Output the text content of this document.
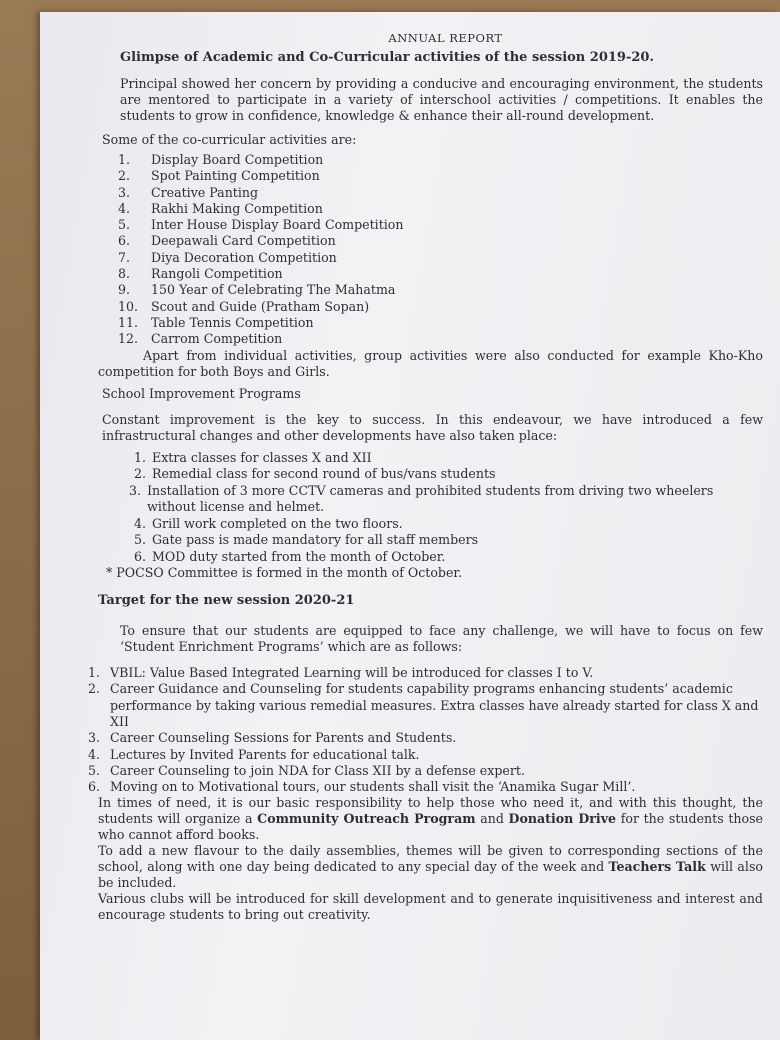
ANNUAL REPORT
Glimpse of Academic and Co-Curricular activities of the session 2019-20.

Principal showed her concern by providing a conducive and encouraging environment, the students are mentored to participate in a variety of interschool activities / competitions. It enables the students to grow in confidence, knowledge & enhance their all-round development.

Some of the co-curricular activities are:

1.	Display Board Competition
2.	Spot Painting Competition
3.	Creative Panting
4.	Rakhi Making Competition
5.	Inter House Display Board Competition
6.	Deepawali Card Competition
7.	Diya Decoration Competition
8.	Rangoli Competition
9.	150 Year of Celebrating The Mahatma
10.	Scout and Guide (Pratham Sopan)
11.	Table Tennis Competition
12.	Carrom Competition

Apart from individual activities, group activities were also conducted for example Kho-Kho competition for both Boys and Girls.

School Improvement Programs

Constant improvement is the key to success. In this endeavour, we have introduced a few infrastructural changes and other developments have also taken place:

1. Extra classes for classes X and XII
2. Remedial class for second round of bus/vans students
3. Installation of 3 more CCTV cameras and prohibited students from driving two wheelers without license and helmet.
4. Grill work completed on the two floors.
5. Gate pass is made mandatory for all staff members
6. MOD duty started from the month of October.

* POCSO Committee is formed in the month of October.

Target for the new session 2020-21

To ensure that our students are equipped to face any challenge, we will have to focus on few ‘Student Enrichment Programs’ which are as follows:

1. VBIL: Value Based Integrated Learning will be introduced for classes I to V.
2. Career Guidance and Counseling for students capability programs enhancing students’ academic performance by taking various remedial measures. Extra classes have already started for class X and XII
3. Career Counseling Sessions for Parents and Students.
4. Lectures by Invited Parents for educational talk.
5. Career Counseling to join NDA for Class XII by a defense expert.
6. Moving on to Motivational tours, our students shall visit the ‘Anamika Sugar Mill’.

In times of need, it is our basic responsibility to help those who need it, and with this thought, the students will organize a Community Outreach Program and Donation Drive for the students those who cannot afford books.

To add a new flavour to the daily assemblies, themes will be given to corresponding sections of the school, along with one day being dedicated to any special day of the week and Teachers Talk will also be included.

Various clubs will be introduced for skill development and to generate inquisitiveness and interest and encourage students to bring out creativity.
